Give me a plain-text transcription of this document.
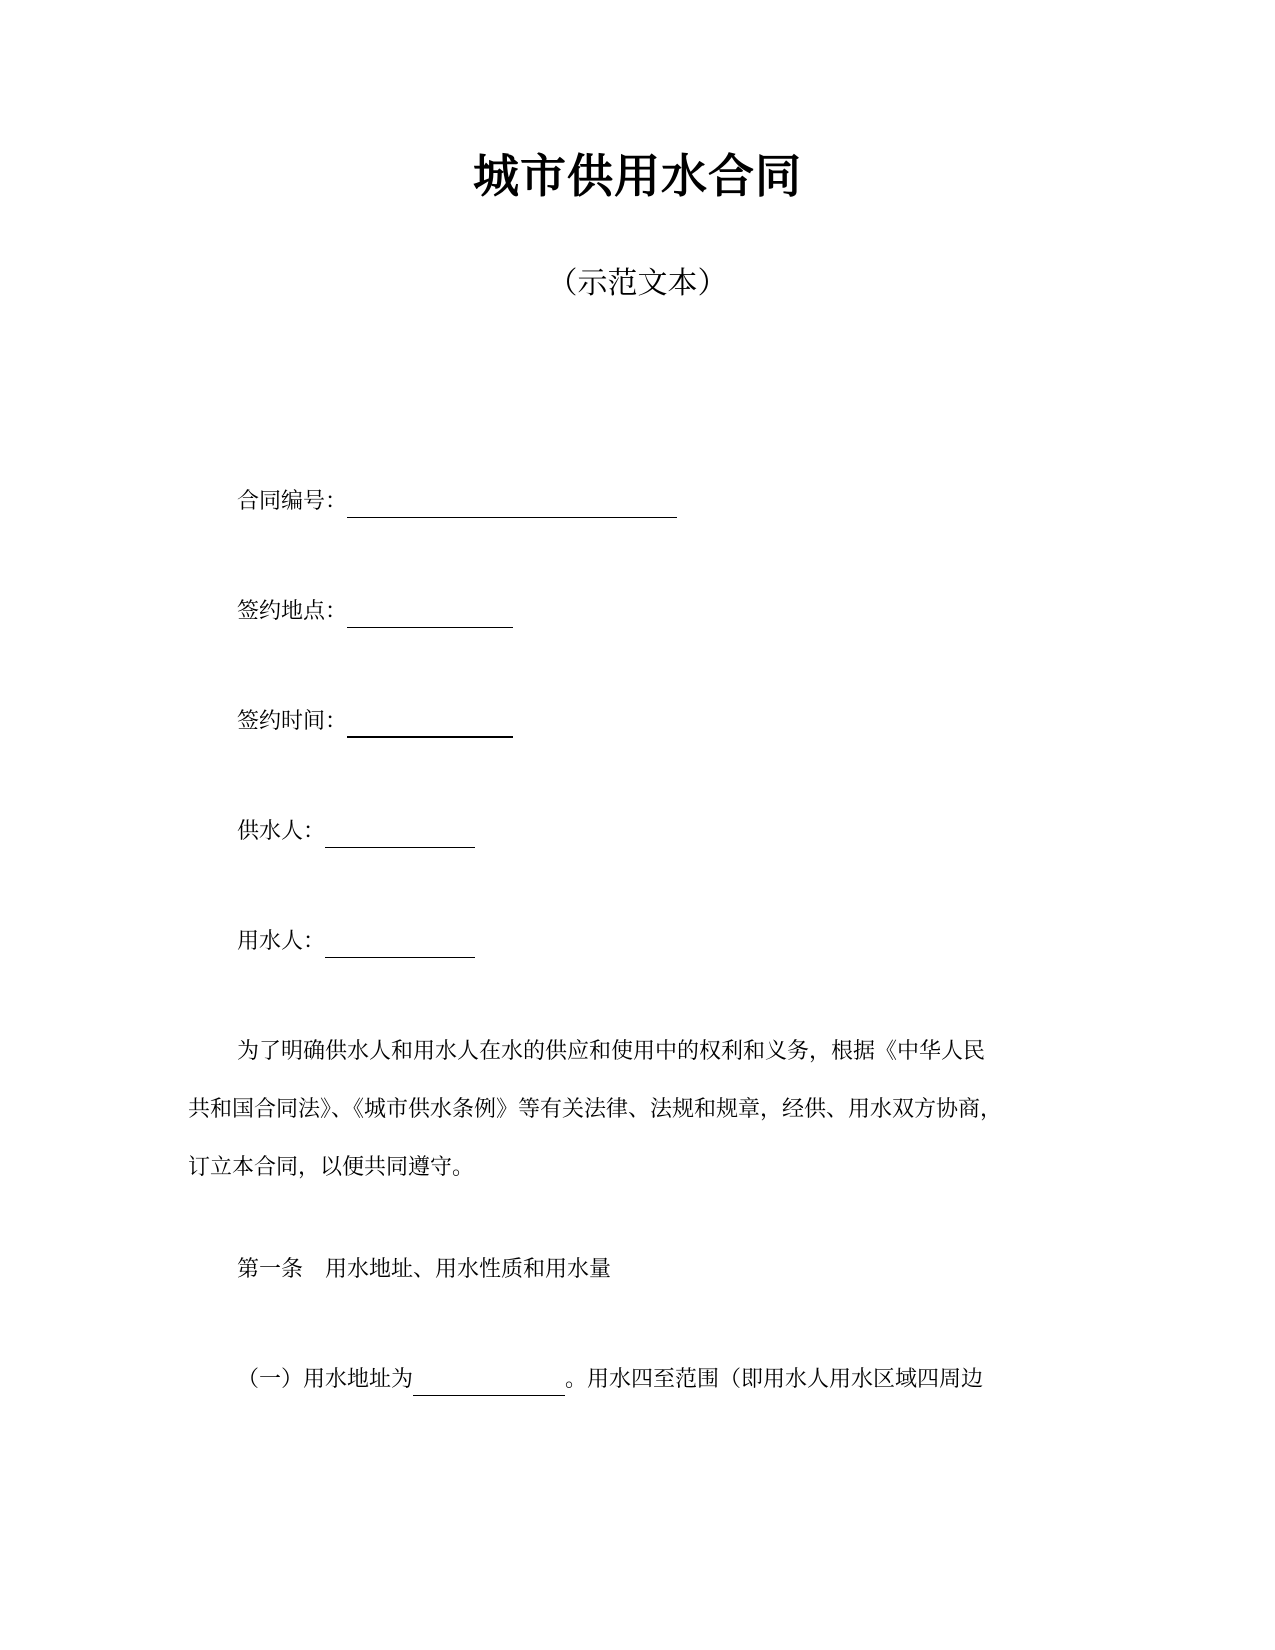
城市供用水合同
（示范文本）
合同编号：
签约地点：
签约时间：
供水人：
用水人：
为了明确供水人和用水人在水的供应和使用中的权利和义务，根据《中华人民
共和国合同法》、《城市供水条例》等有关法律、法规和规章，经供、用水双方协商，
订立本合同，以便共同遵守。
第一条　用水地址、用水性质和用水量
（一）用水地址为	。用水四至范围（即用水人用水区域四周边
